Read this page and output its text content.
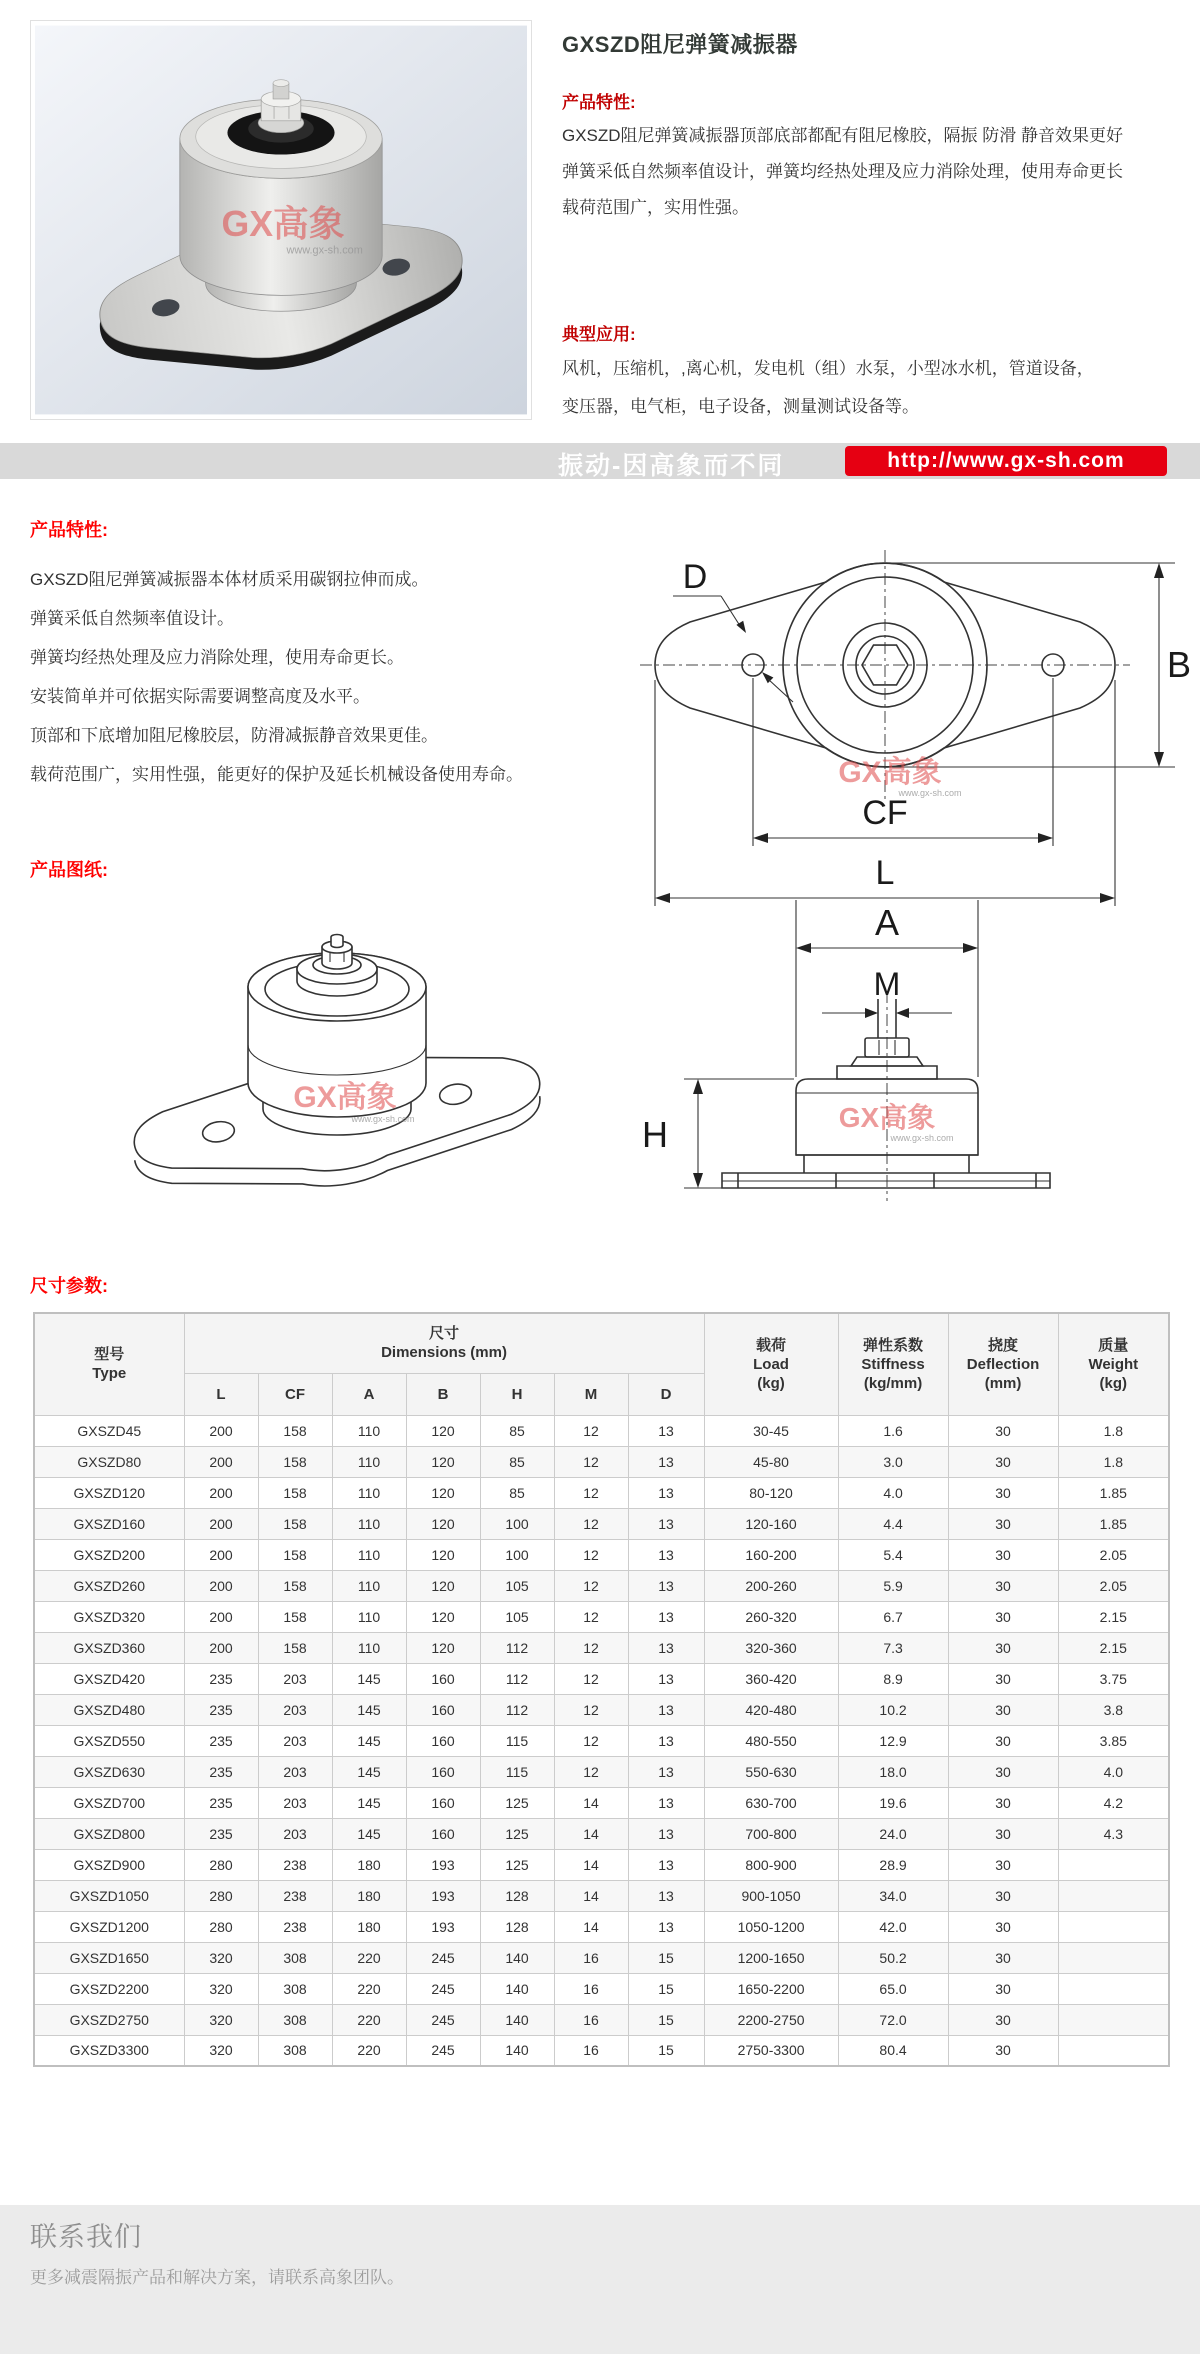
GX高象
www.gx-sh.com
GXSZD阻尼弹簧减振器
产品特性:
GXSZD阻尼弹簧减振器顶部底部都配有阻尼橡胶，隔振 防滑 静音效果更好
弹簧采低自然频率值设计，弹簧均经热处理及应力消除处理，使用寿命更长
载荷范围广，实用性强。
典型应用:
风机，压缩机，,离心机，发电机（组）水泵，小型冰水机，管道设备，
变压器，电气柜，电子设备，测量测试设备等。
振动-因高象而不同	http://www.gx-sh.com
产品特性:
GXSZD阻尼弹簧减振器本体材质采用碳钢拉伸而成。
弹簧采低自然频率值设计。
弹簧均经热处理及应力消除处理，使用寿命更长。
安装简单并可依据实际需要调整高度及水平。
顶部和下底增加阻尼橡胶层，防滑减振静音效果更佳。
载荷范围广，实用性强，能更好的保护及延长机械设备使用寿命。
产品图纸:
D
B
CF
L
GX高象
www.gx-sh.com
GX高象
www.gx-sh.com
A
M
H	GX高象
www.gx-sh.com
尺寸参数:
型号
Type	尺寸
Dimensions (mm)							载荷
Load
(kg)	弹性系数
Stiffness
(kg/mm)	挠度
Deflection
(mm)	质量
Weight
(kg)
	L	CF	A	B	H	M	D				
GXSZD45	200	158	110	120	85	12	13	30-45	1.6	30	1.8
GXSZD80	200	158	110	120	85	12	13	45-80	3.0	30	1.8
GXSZD120	200	158	110	120	85	12	13	80-120	4.0	30	1.85
GXSZD160	200	158	110	120	100	12	13	120-160	4.4	30	1.85
GXSZD200	200	158	110	120	100	12	13	160-200	5.4	30	2.05
GXSZD260	200	158	110	120	105	12	13	200-260	5.9	30	2.05
GXSZD320	200	158	110	120	105	12	13	260-320	6.7	30	2.15
GXSZD360	200	158	110	120	112	12	13	320-360	7.3	30	2.15
GXSZD420	235	203	145	160	112	12	13	360-420	8.9	30	3.75
GXSZD480	235	203	145	160	112	12	13	420-480	10.2	30	3.8
GXSZD550	235	203	145	160	115	12	13	480-550	12.9	30	3.85
GXSZD630	235	203	145	160	115	12	13	550-630	18.0	30	4.0
GXSZD700	235	203	145	160	125	14	13	630-700	19.6	30	4.2
GXSZD800	235	203	145	160	125	14	13	700-800	24.0	30	4.3
GXSZD900	280	238	180	193	125	14	13	800-900	28.9	30	
GXSZD1050	280	238	180	193	128	14	13	900-1050	34.0	30	
GXSZD1200	280	238	180	193	128	14	13	1050-1200	42.0	30	
GXSZD1650	320	308	220	245	140	16	15	1200-1650	50.2	30	
GXSZD2200	320	308	220	245	140	16	15	1650-2200	65.0	30	
GXSZD2750	320	308	220	245	140	16	15	2200-2750	72.0	30	
GXSZD3300	320	308	220	245	140	16	15	2750-3300	80.4	30	
联系我们
更多减震隔振产品和解决方案，请联系高象团队。
